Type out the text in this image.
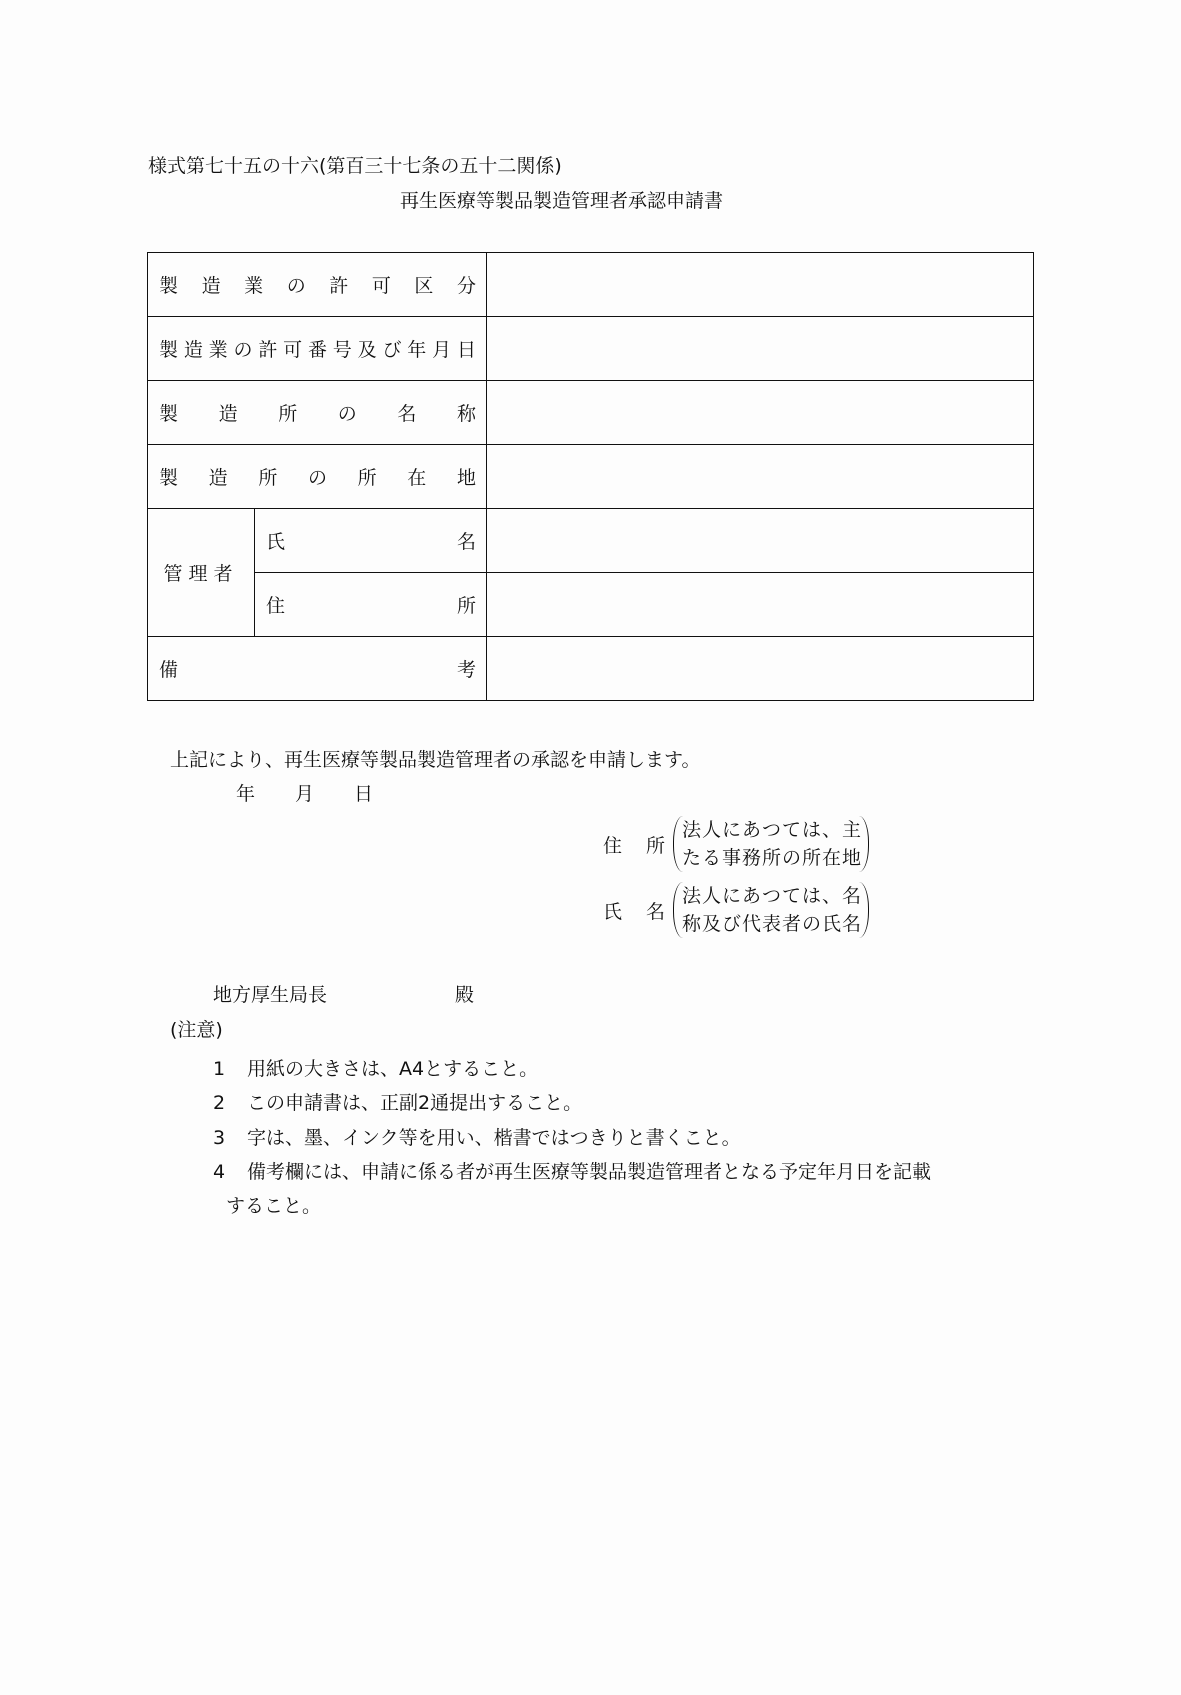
様式第七十五の十六(第百三十七条の五十二関係)
再生医療等製品製造管理者承認申請書
製 造 業 の 許 可 区 分

製 造 業 の 許 可 番 号 及 び 年 月 日

製 造 所 の 名 称

製 造 所 の 所 在 地

管理者	氏 名	

	住 所	

備 考		

上記により、再生医療等製品製造管理者の承認を申請します。
年 月 日
住 所
法人にあつては、主
たる事務所の所在地
氏 名
法人にあつては、名
称及び代表者の氏名
地方厚生局長	殿
(注意)
1 用紙の大きさは、A4とすること。
2 この申請書は、正副2通提出すること。
3 字は、墨、インク等を用い、楷書ではつきりと書くこと。
4 備考欄には、申請に係る者が再生医療等製品製造管理者となる予定年月日を記載
すること。
